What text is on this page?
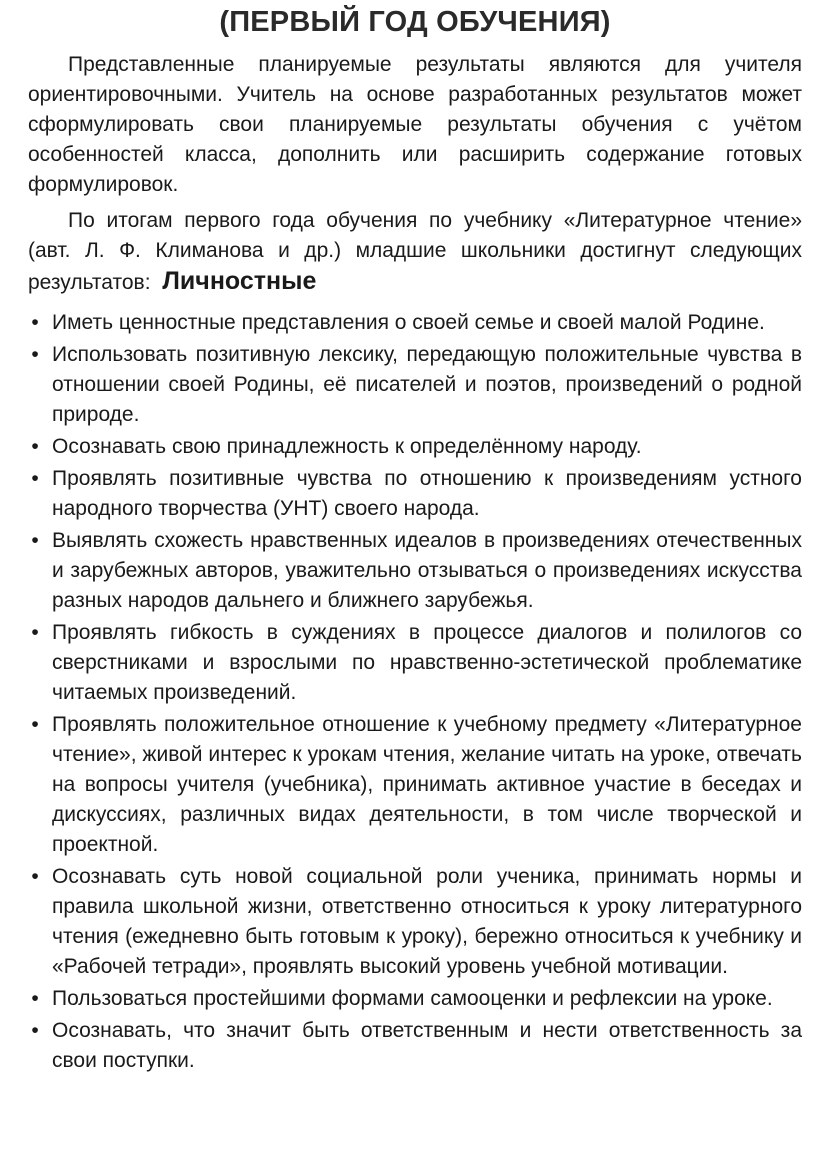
(ПЕРВЫЙ ГОД ОБУЧЕНИЯ)

Представленные планируемые результаты являются для учителя ориентировочными. Учитель на основе разработанных результатов может сформулировать свои планируемые результаты обучения с учётом особенностей класса, дополнить или расширить содержание готовых формулировок.

По итогам первого года обучения по учебнику «Литературное чтение» (авт. Л. Ф. Климанова и др.) младшие школьники достигнут следующих результатов: Личностные

• Иметь ценностные представления о своей семье и своей малой Родине.
• Использовать позитивную лексику, передающую положительные чувства в отношении своей Родины, её писателей и поэтов, произведений о родной природе.
• Осознавать свою принадлежность к определённому народу.
• Проявлять позитивные чувства по отношению к произведениям устного народного творчества (УНТ) своего народа.
• Выявлять схожесть нравственных идеалов в произведениях отечественных и зарубежных авторов, уважительно отзываться о произведениях искусства разных народов дальнего и ближнего зарубежья.
• Проявлять гибкость в суждениях в процессе диалогов и полилогов со сверстниками и взрослыми по нравственно-эстетической проблематике читаемых произведений.
• Проявлять положительное отношение к учебному предмету «Литературное чтение», живой интерес к урокам чтения, желание читать на уроке, отвечать на вопросы учителя (учебника), принимать активное участие в беседах и дискуссиях, различных видах деятельности, в том числе творческой и проектной.
• Осознавать суть новой социальной роли ученика, принимать нормы и правила школьной жизни, ответственно относиться к уроку литературного чтения (ежедневно быть готовым к уроку), бережно относиться к учебнику и «Рабочей тетради», проявлять высокий уровень учебной мотивации.
• Пользоваться простейшими формами самооценки и рефлексии на уроке.
• Осознавать, что значит быть ответственным и нести ответственность за свои поступки.
